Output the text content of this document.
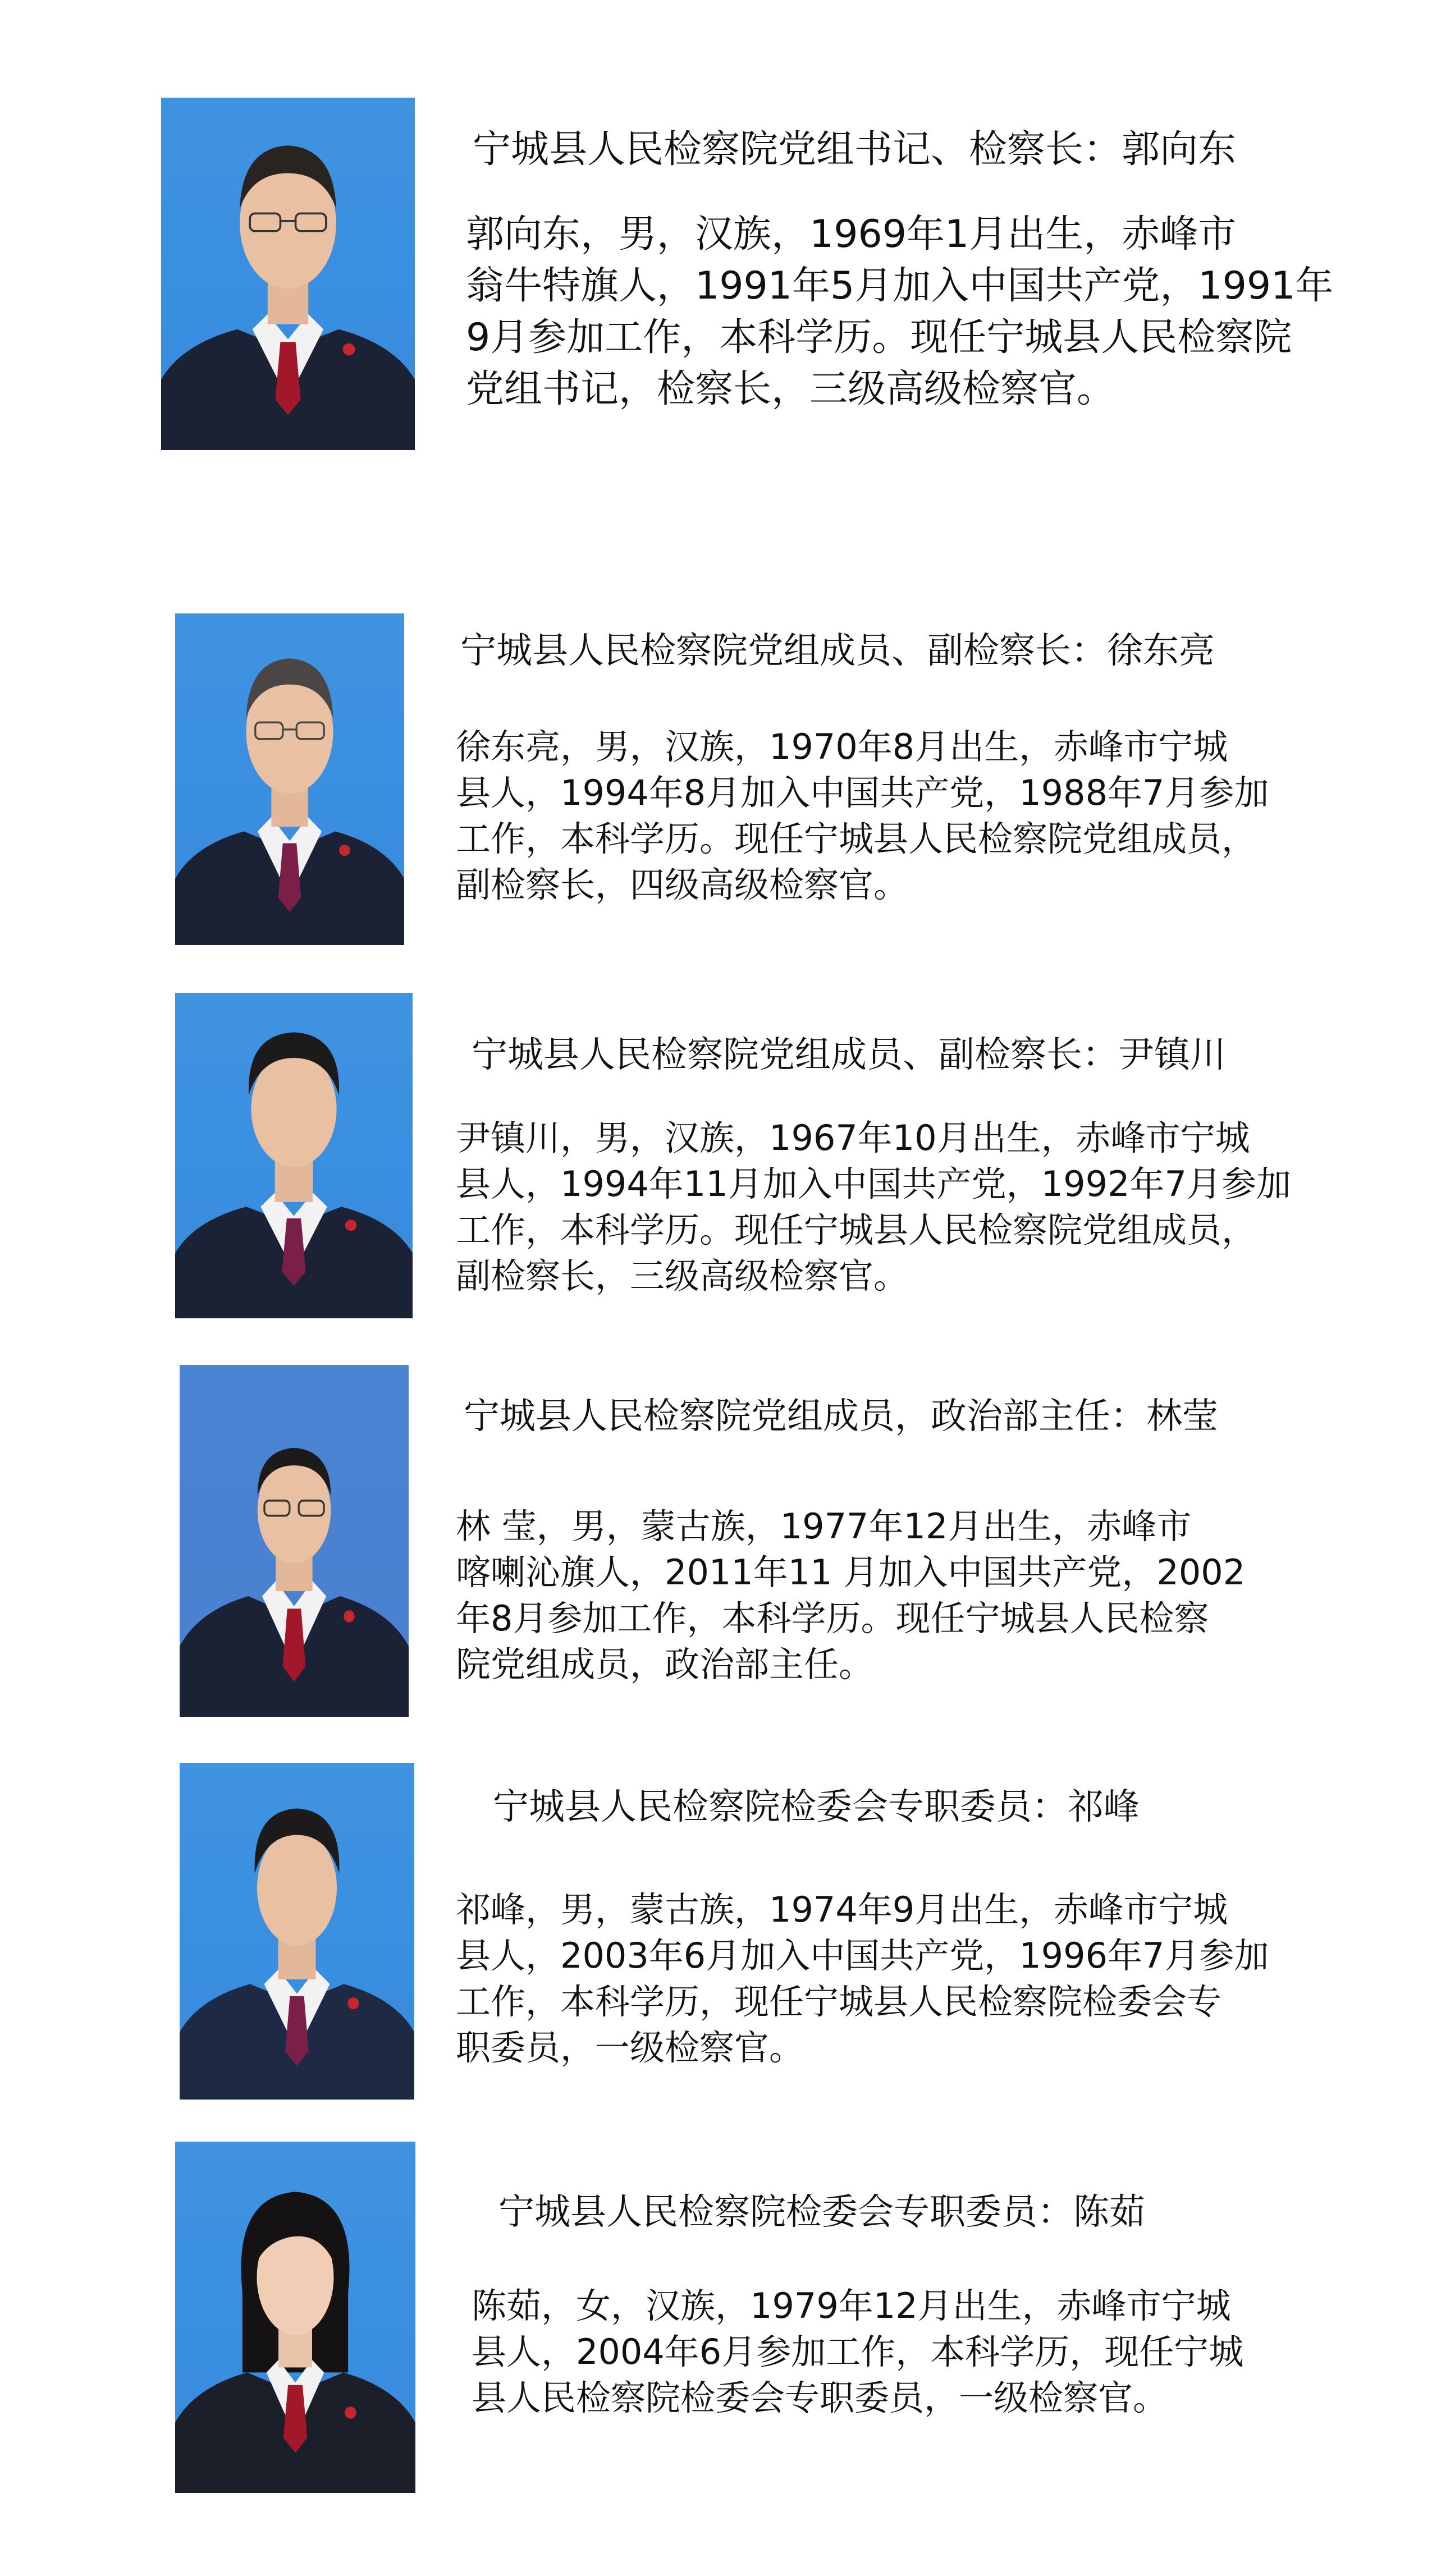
宁城县人民检察院党组书记、检察长：郭向东

郭向东，男，汉族，1969年1月出生，赤峰市

翁牛特旗人，1991年5月加入中国共产党，1991年

9月参加工作，本科学历。现任宁城县人民检察院

党组书记，检察长，三级高级检察官。

宁城县人民检察院党组成员、副检察长：徐东亮

徐东亮，男，汉族，1970年8月出生，赤峰市宁城

县人，1994年8月加入中国共产党，1988年7月参加

工作，本科学历。现任宁城县人民检察院党组成员，

副检察长，四级高级检察官。

宁城县人民检察院党组成员、副检察长：尹镇川

尹镇川，男，汉族，1967年10月出生，赤峰市宁城

县人，1994年11月加入中国共产党，1992年7月参加

工作，本科学历。现任宁城县人民检察院党组成员，

副检察长，三级高级检察官。

宁城县人民检察院党组成员，政治部主任：林莹

林 莹，男，蒙古族，1977年12月出生，赤峰市

喀喇沁旗人，2011年11 月加入中国共产党，2002

年8月参加工作，本科学历。现任宁城县人民检察

院党组成员，政治部主任。

宁城县人民检察院检委会专职委员：祁峰

祁峰，男，蒙古族，1974年9月出生，赤峰市宁城

县人，2003年6月加入中国共产党，1996年7月参加

工作，本科学历，现任宁城县人民检察院检委会专

职委员，一级检察官。

宁城县人民检察院检委会专职委员：陈茹

陈茹，女，汉族，1979年12月出生，赤峰市宁城

县人，2004年6月参加工作，本科学历，现任宁城

县人民检察院检委会专职委员，一级检察官。
